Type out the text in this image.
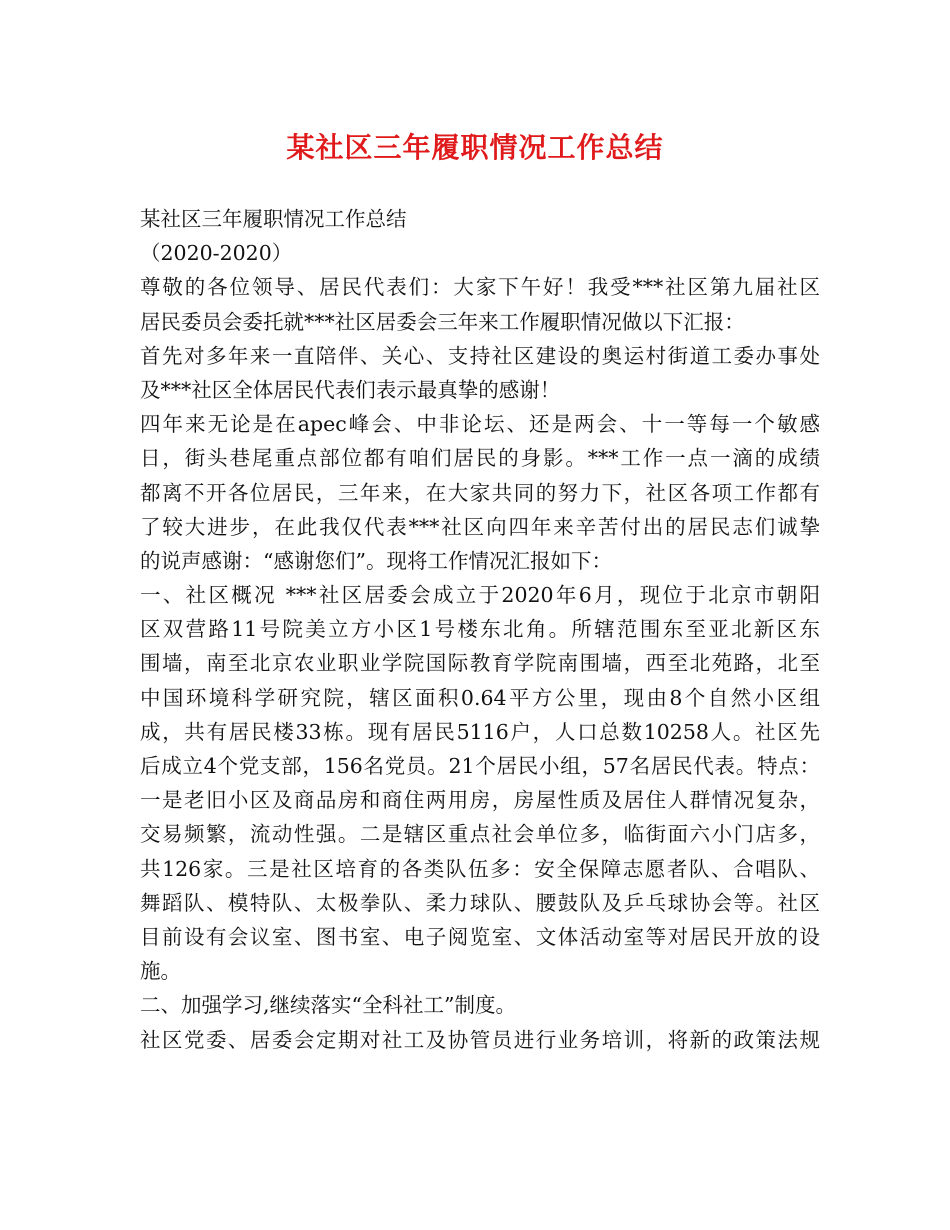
某社区三年履职情况工作总结
某社区三年履职情况工作总结
（2020-2020）
尊敬的各位领导、居民代表们：大家下午好！我受***社区第九届社区
居民委员会委托就***社区居委会三年来工作履职情况做以下汇报：
首先对多年来一直陪伴、关心、支持社区建设的奥运村街道工委办事处
及***社区全体居民代表们表示最真挚的感谢！
四年来无论是在apec峰会、中非论坛、还是两会、十一等每一个敏感
日，街头巷尾重点部位都有咱们居民的身影。***工作一点一滴的成绩
都离不开各位居民，三年来，在大家共同的努力下，社区各项工作都有
了较大进步，在此我仅代表***社区向四年来辛苦付出的居民志们诚挚
的说声感谢：“感谢您们”。现将工作情况汇报如下：
一、社区概况 ***社区居委会成立于2020年6月，现位于北京市朝阳
区双营路11号院美立方小区1号楼东北角。所辖范围东至亚北新区东
围墙，南至北京农业职业学院国际教育学院南围墙，西至北苑路，北至
中国环境科学研究院，辖区面积0.64平方公里，现由8个自然小区组
成，共有居民楼33栋。现有居民5116户，人口总数10258人。社区先
后成立4个党支部，156名党员。21个居民小组，57名居民代表。特点：
一是老旧小区及商品房和商住两用房，房屋性质及居住人群情况复杂，
交易频繁，流动性强。二是辖区重点社会单位多，临街面六小门店多，
共126家。三是社区培育的各类队伍多：安全保障志愿者队、合唱队、
舞蹈队、模特队、太极拳队、柔力球队、腰鼓队及乒乓球协会等。社区
目前设有会议室、图书室、电子阅览室、文体活动室等对居民开放的设
施。
二、加强学习,继续落实“全科社工”制度。
社区党委、居委会定期对社工及协管员进行业务培训，将新的政策法规
